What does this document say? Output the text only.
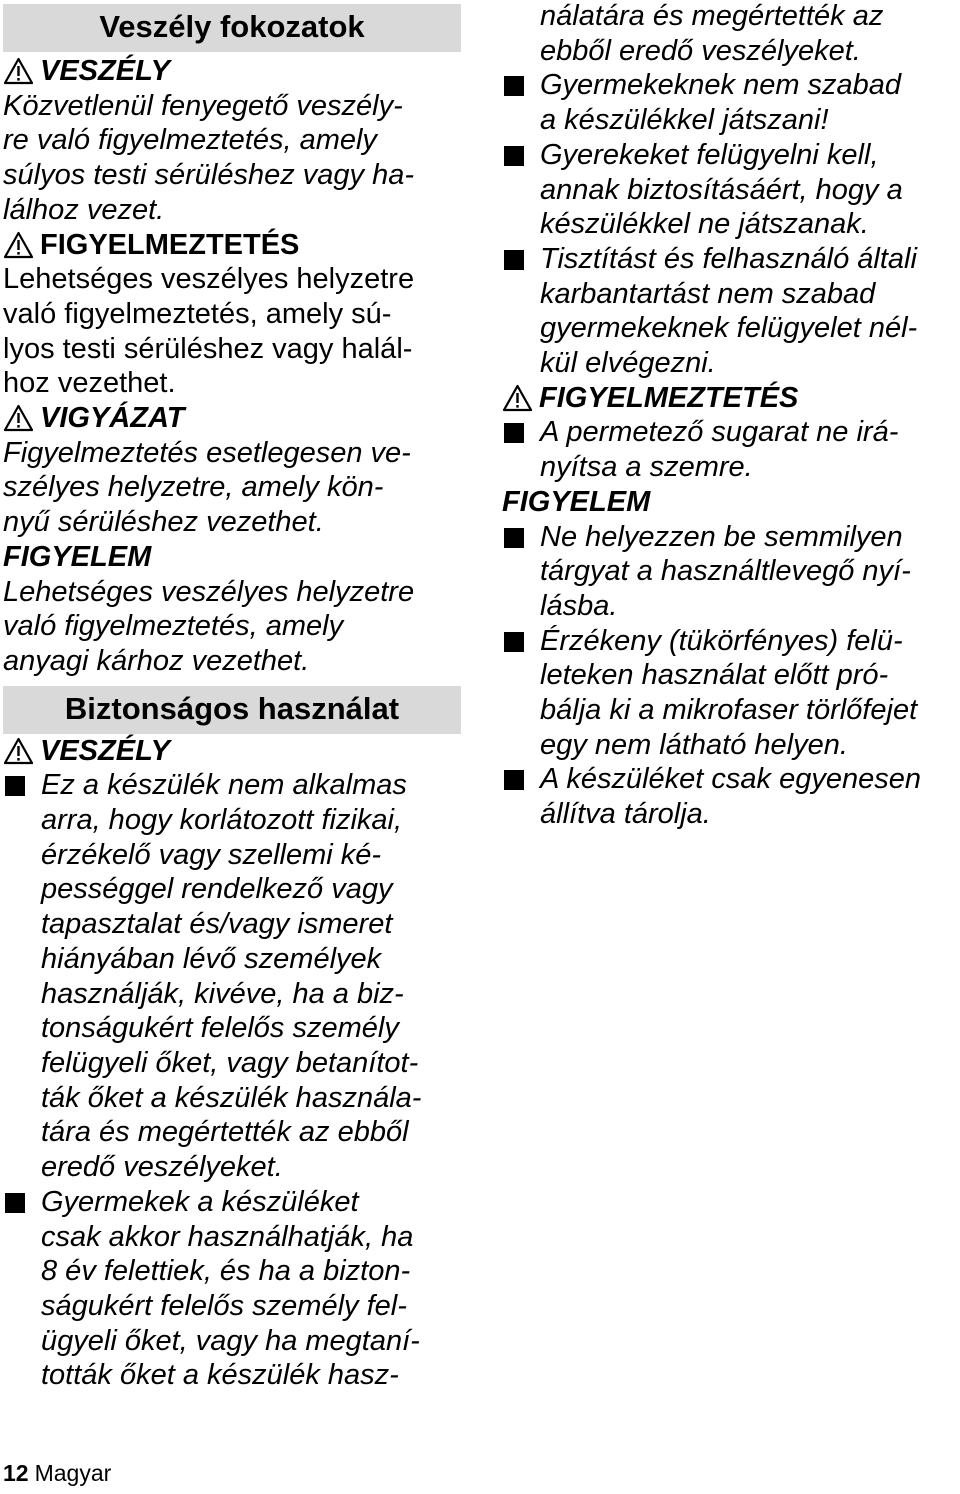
Veszély fokozatok
VESZÉLY
Közvetlenül fenyegető veszély-
re való figyelmeztetés, amely
súlyos testi sérüléshez vagy ha-
lálhoz vezet.
FIGYELMEZTETÉS
Lehetséges veszélyes helyzetre
való figyelmeztetés, amely sú-
lyos testi sérüléshez vagy halál-
hoz vezethet.
VIGYÁZAT
Figyelmeztetés esetlegesen ve-
szélyes helyzetre, amely kön-
nyű sérüléshez vezethet.
FIGYELEM
Lehetséges veszélyes helyzetre
való figyelmeztetés, amely
anyagi kárhoz vezethet.
Biztonságos használat
VESZÉLY
Ez a készülék nem alkalmas
arra, hogy korlátozott fizikai,
érzékelő vagy szellemi ké-
pességgel rendelkező vagy
tapasztalat és/vagy ismeret
hiányában lévő személyek
használják, kivéve, ha a biz-
tonságukért felelős személy
felügyeli őket, vagy betanítot-
ták őket a készülék használa-
tára és megértették az ebből
eredő veszélyeket.
Gyermekek a készüléket
csak akkor használhatják, ha
8 év felettiek, és ha a bizton-
ságukért felelős személy fel-
ügyeli őket, vagy ha megtaní-
tották őket a készülék hasz-
nálatára és megértették az
ebből eredő veszélyeket.
Gyermekeknek nem szabad
a készülékkel játszani!
Gyerekeket felügyelni kell,
annak biztosításáért, hogy a
készülékkel ne játszanak.
Tisztítást és felhasználó általi
karbantartást nem szabad
gyermekeknek felügyelet nél-
kül elvégezni.
FIGYELMEZTETÉS
A permetező sugarat ne irá-
nyítsa a szemre.
FIGYELEM
Ne helyezzen be semmilyen
tárgyat a használtlevegő nyí-
lásba.
Érzékeny (tükörfényes) felü-
leteken használat előtt pró-
bálja ki a mikrofaser törlőfejet
egy nem látható helyen.
A készüléket csak egyenesen
állítva tárolja.
12 Magyar
